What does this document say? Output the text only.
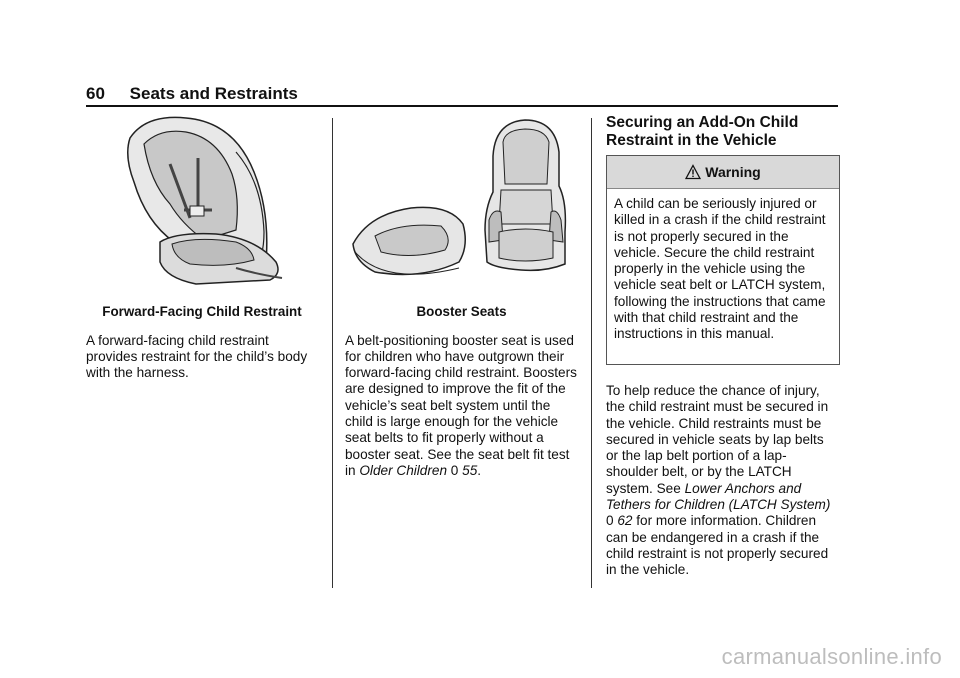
60 Seats and Restraints
Forward-Facing Child Restraint

A forward-facing child restraint provides restraint for the child’s body with the harness.

Booster Seats

A belt-positioning booster seat is used for children who have outgrown their forward-facing child restraint. Boosters are designed to improve the fit of the vehicle’s seat belt system until the child is large enough for the vehicle seat belts to fit properly without a booster seat. See the seat belt fit test in Older Children 0 55.

Securing an Add-On Child Restraint in the Vehicle
Warning
A child can be seriously injured or killed in a crash if the child restraint is not properly secured in the vehicle. Secure the child restraint properly in the vehicle using the vehicle seat belt or LATCH system, following the instructions that came with that child restraint and the instructions in this manual.

To help reduce the chance of injury, the child restraint must be secured in the vehicle. Child restraints must be secured in vehicle seats by lap belts or the lap belt portion of a lap-shoulder belt, or by the LATCH system. See Lower Anchors and Tethers for Children (LATCH System) 0 62 for more information. Children can be endangered in a crash if the child restraint is not properly secured in the vehicle.

carmanualsonline.info
